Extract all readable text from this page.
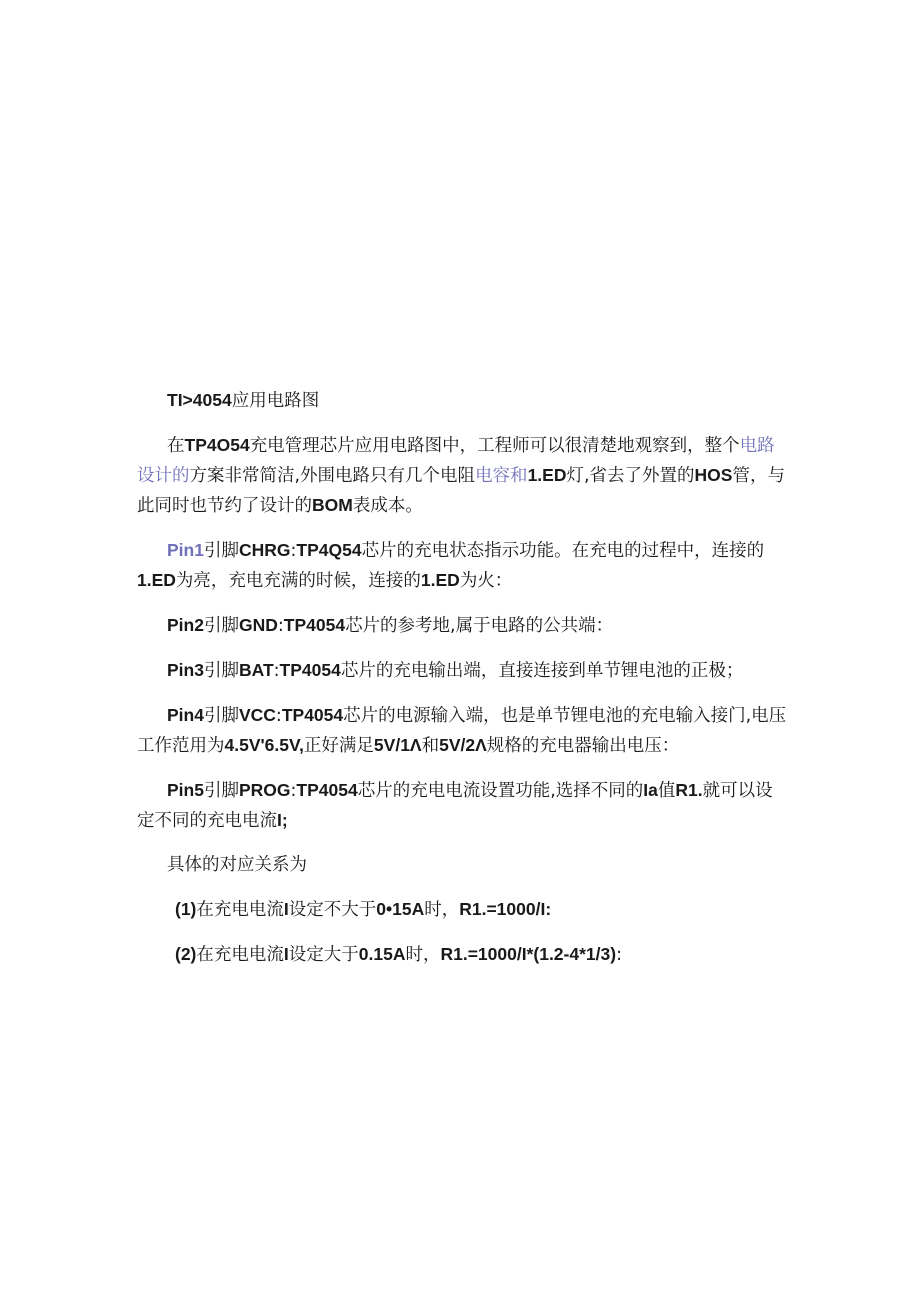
TI>4054应用电路图

在TP4O54充电管理芯片应用电路图中，工程师可以很清楚地观察到，整个电路设计的方案非常简洁,外围电路只有几个电阻电容和1.ED灯,省去了外置的HOS管，与此同时也节约了设计的BOM表成本。

Pin1引脚CHRG:TP4Q54芯片的充电状态指示功能。在充电的过程中，连接的1.ED为亮，充电充满的时候，连接的1.ED为火：

Pin2引脚GND:TP4054芯片的参考地,属于电路的公共端：

Pin3引脚BAT:TP4054芯片的充电输出端，直接连接到单节锂电池的正极；

Pin4引脚VCC:TP4054芯片的电源输入端，也是单节锂电池的充电输入接门,电压工作范用为4.5V'6.5V,正好满足5V/1Λ和5V/2Λ规格的充电器输出电压：

Pin5引脚PROG:TP4054芯片的充电电流设置功能,选择不同的Ia值R1.就可以设定不同的充电电流I;

具体的对应关系为

(1)在充电电流I设定不大于0•15A时，R1.=1000/I:

(2)在充电电流I设定大于0.15A时，R1.=1000/I*(1.2-4*1/3):
